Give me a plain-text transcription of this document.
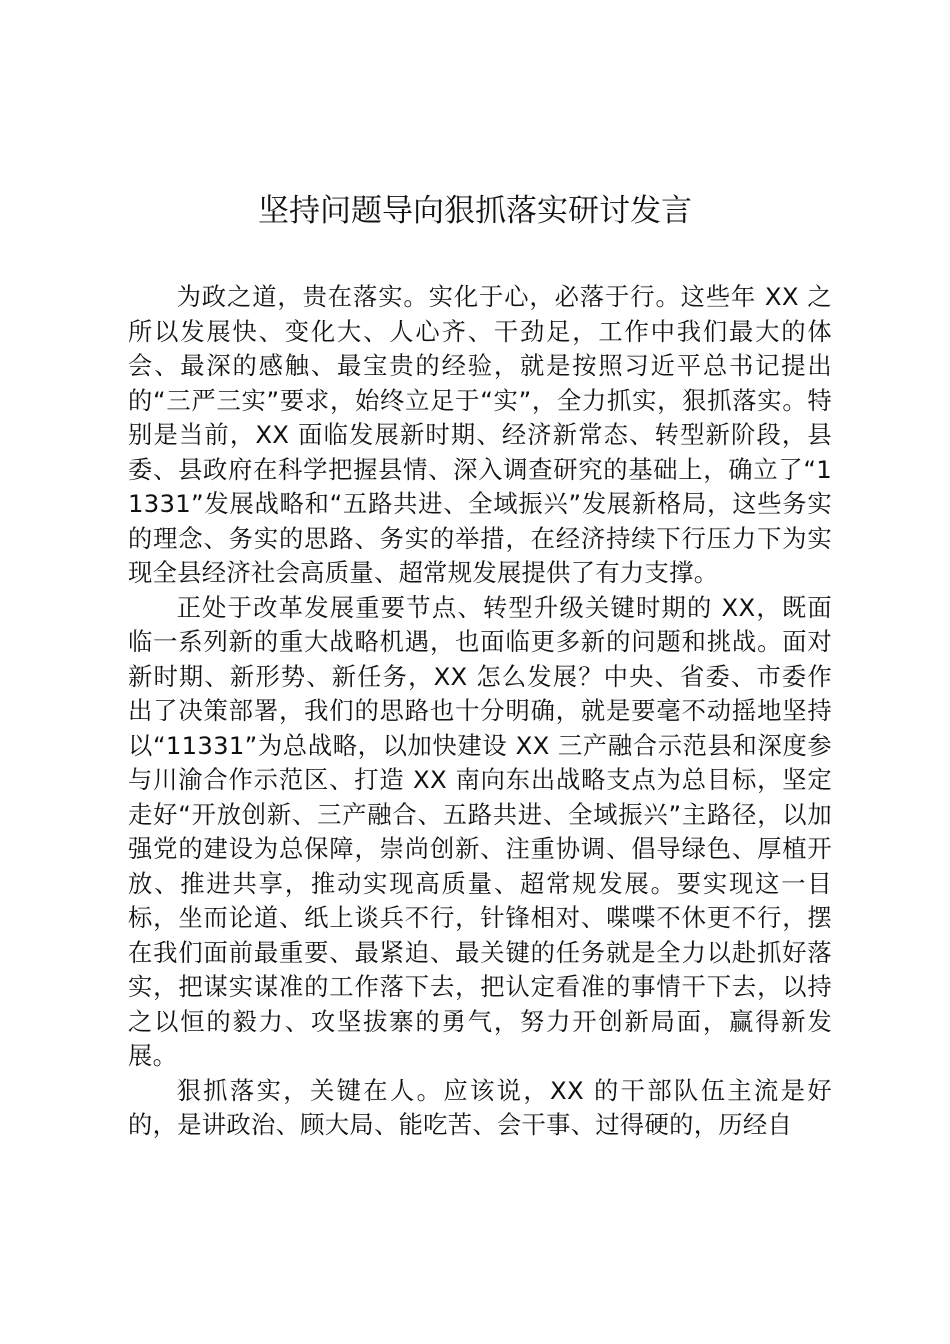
坚持问题导向狠抓落实研讨发言

为政之道，贵在落实。实化于心，必落于行。这些年 XX 之所以发展快、变化大、人心齐、干劲足，工作中我们最大的体会、最深的感触、最宝贵的经验，就是按照习近平总书记提出的“三严三实”要求，始终立足于“实”，全力抓实，狠抓落实。特别是当前，XX 面临发展新时期、经济新常态、转型新阶段，县委、县政府在科学把握县情、深入调查研究的基础上，确立了“11331”发展战略和“五路共进、全域振兴”发展新格局，这些务实的理念、务实的思路、务实的举措，在经济持续下行压力下为实现全县经济社会高质量、超常规发展提供了有力支撑。

正处于改革发展重要节点、转型升级关键时期的 XX，既面临一系列新的重大战略机遇，也面临更多新的问题和挑战。面对新时期、新形势、新任务，XX 怎么发展？中央、省委、市委作出了决策部署，我们的思路也十分明确，就是要毫不动摇地坚持以“11331”为总战略，以加快建设 XX 三产融合示范县和深度参与川渝合作示范区、打造 XX 南向东出战略支点为总目标，坚定走好“开放创新、三产融合、五路共进、全域振兴”主路径，以加强党的建设为总保障，崇尚创新、注重协调、倡导绿色、厚植开放、推进共享，推动实现高质量、超常规发展。要实现这一目标，坐而论道、纸上谈兵不行，针锋相对、喋喋不休更不行，摆在我们面前最重要、最紧迫、最关键的任务就是全力以赴抓好落实，把谋实谋准的工作落下去，把认定看准的事情干下去，以持之以恒的毅力、攻坚拔寨的勇气，努力开创新局面，赢得新发展。

狠抓落实，关键在人。应该说，XX 的干部队伍主流是好的，是讲政治、顾大局、能吃苦、会干事、过得硬的，历经自
